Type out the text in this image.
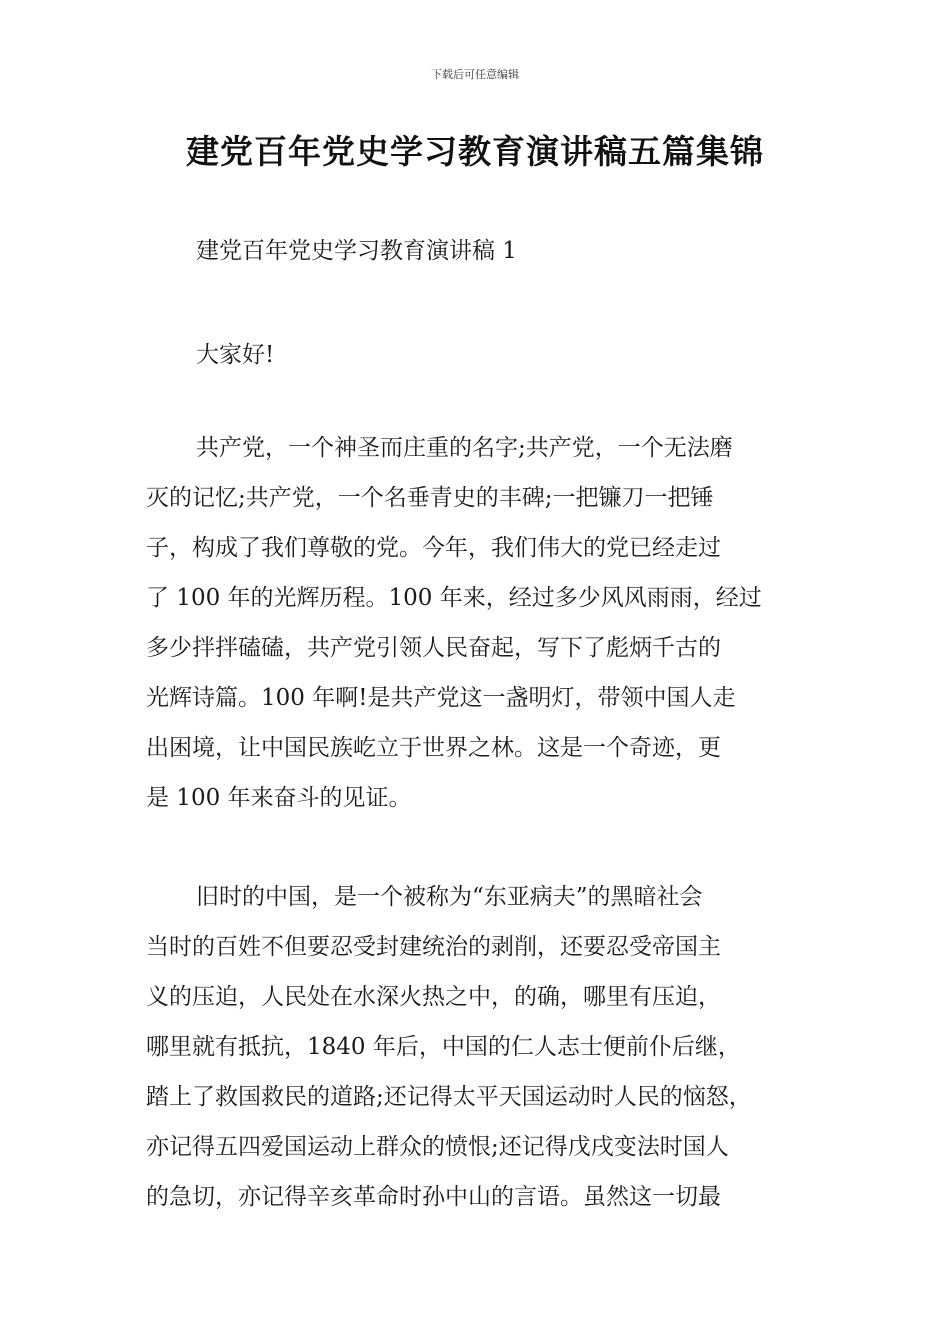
下载后可任意编辑
建党百年党史学习教育演讲稿五篇集锦
建党百年党史学习教育演讲稿 1
大家好!
共产党，一个神圣而庄重的名字;共产党，一个无法磨
灭的记忆;共产党，一个名垂青史的丰碑;一把镰刀一把锤
子，构成了我们尊敬的党。今年，我们伟大的党已经走过
了 100 年的光辉历程。100 年来，经过多少风风雨雨，经过
多少拌拌磕磕，共产党引领人民奋起，写下了彪炳千古的
光辉诗篇。100 年啊!是共产党这一盏明灯，带领中国人走
出困境，让中国民族屹立于世界之林。这是一个奇迹，更
是 100 年来奋斗的见证。
旧时的中国，是一个被称为“东亚病夫”的黑暗社会
当时的百姓不但要忍受封建统治的剥削，还要忍受帝国主
义的压迫，人民处在水深火热之中，的确，哪里有压迫，
哪里就有抵抗，1840 年后，中国的仁人志士便前仆后继，
踏上了救国救民的道路;还记得太平天国运动时人民的恼怒，
亦记得五四爱国运动上群众的愤恨;还记得戊戌变法时国人
的急切，亦记得辛亥革命时孙中山的言语。虽然这一切最
